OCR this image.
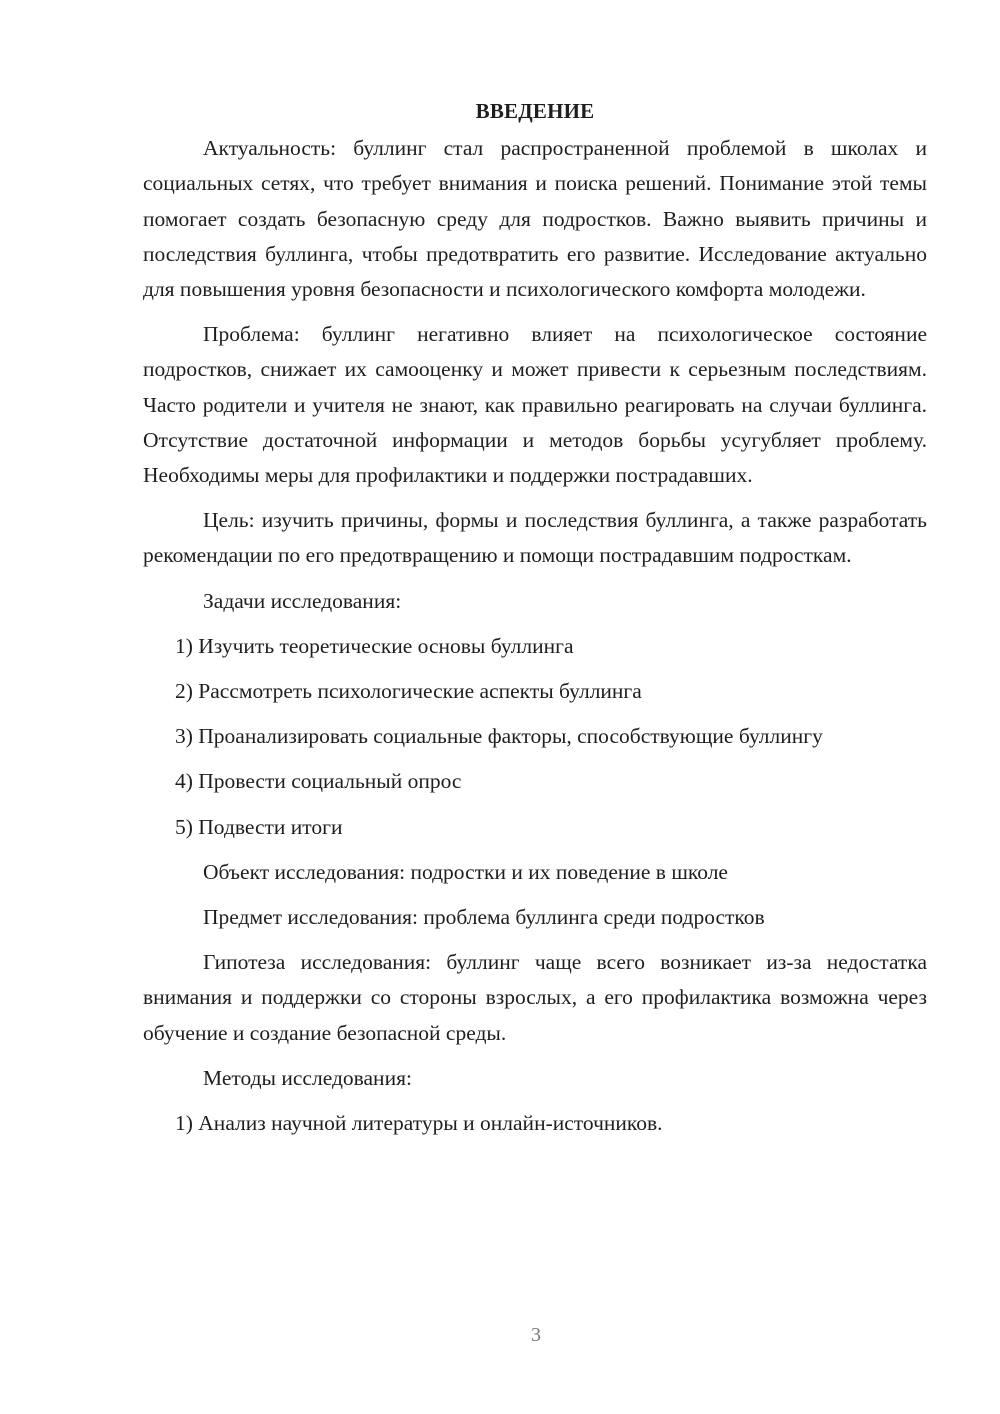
ВВЕДЕНИЕ

Актуальность: буллинг стал распространенной проблемой в школах и социальных сетях, что требует внимания и поиска решений. Понимание этой темы помогает создать безопасную среду для подростков. Важно выявить причины и последствия буллинга, чтобы предотвратить его развитие. Исследование актуально для повышения уровня безопасности и психологического комфорта молодежи.

Проблема: буллинг негативно влияет на психологическое состояние подростков, снижает их самооценку и может привести к серьезным последствиям. Часто родители и учителя не знают, как правильно реагировать на случаи буллинга. Отсутствие достаточной информации и методов борьбы усугубляет проблему. Необходимы меры для профилактики и поддержки пострадавших.

Цель: изучить причины, формы и последствия буллинга, а также разработать рекомендации по его предотвращению и помощи пострадавшим подросткам.

Задачи исследования:

1) Изучить теоретические основы буллинга

2) Рассмотреть психологические аспекты буллинга

3) Проанализировать социальные факторы, способствующие буллингу

4) Провести социальный опрос

5) Подвести итоги

Объект исследования: подростки и их поведение в школе

Предмет исследования: проблема буллинга среди подростков

Гипотеза исследования: буллинг чаще всего возникает из-за недостатка внимания и поддержки со стороны взрослых, а его профилактика возможна через обучение и создание безопасной среды.

Методы исследования:

1) Анализ научной литературы и онлайн-источников.

3
